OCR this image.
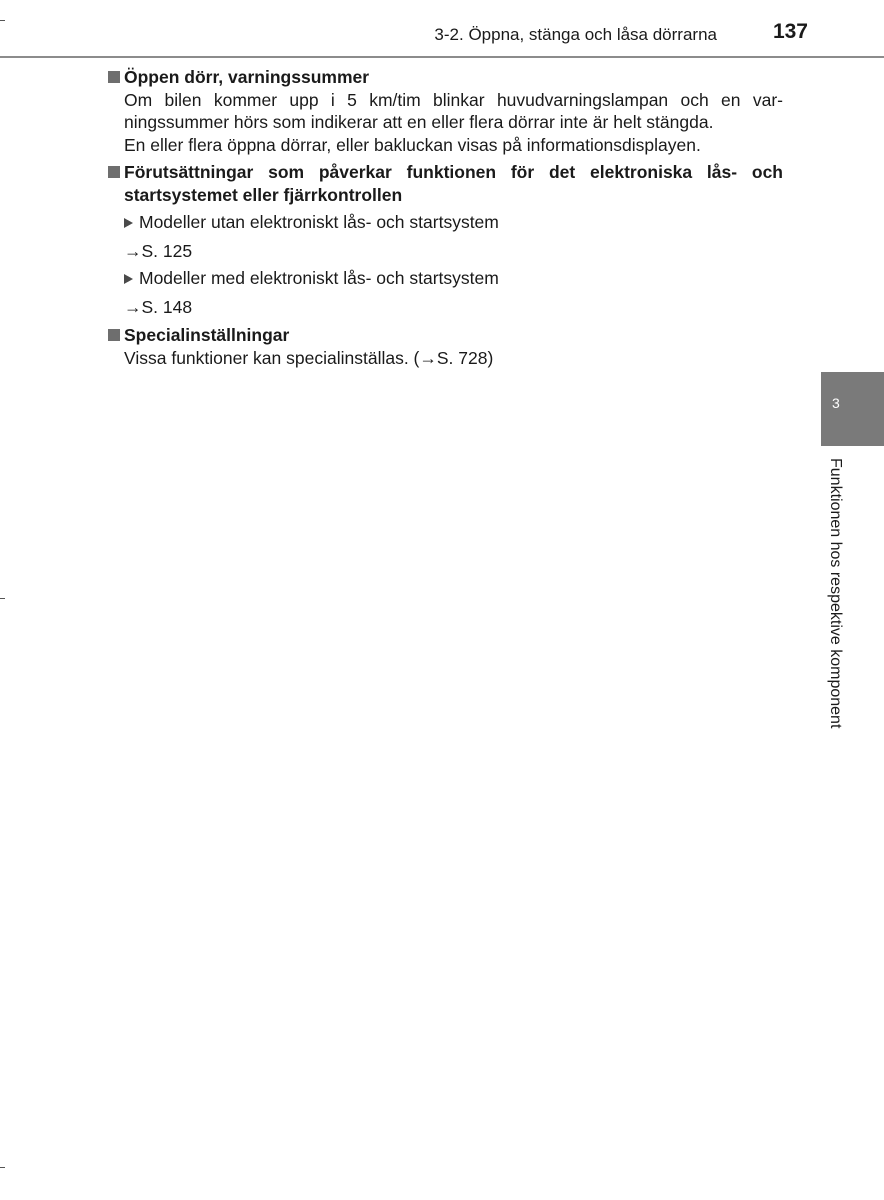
3-2. Öppna, stänga och låsa dörrarna	137
Öppen dörr, varningssummer
Om bilen kommer upp i 5 km/tim blinkar huvudvarningslampan och en var-
ningssummer hörs som indikerar att en eller flera dörrar inte är helt stängda.
En eller flera öppna dörrar, eller bakluckan visas på informationsdisplayen.
Förutsättningar som påverkar funktionen för det elektroniska lås- och
startsystemet eller fjärrkontrollen
Modeller utan elektroniskt lås- och startsystem
→S. 125
Modeller med elektroniskt lås- och startsystem
→S. 148
Specialinställningar
Vissa funktioner kan specialinställas. (→S. 728)
3
Funktionen hos respektive komponent
